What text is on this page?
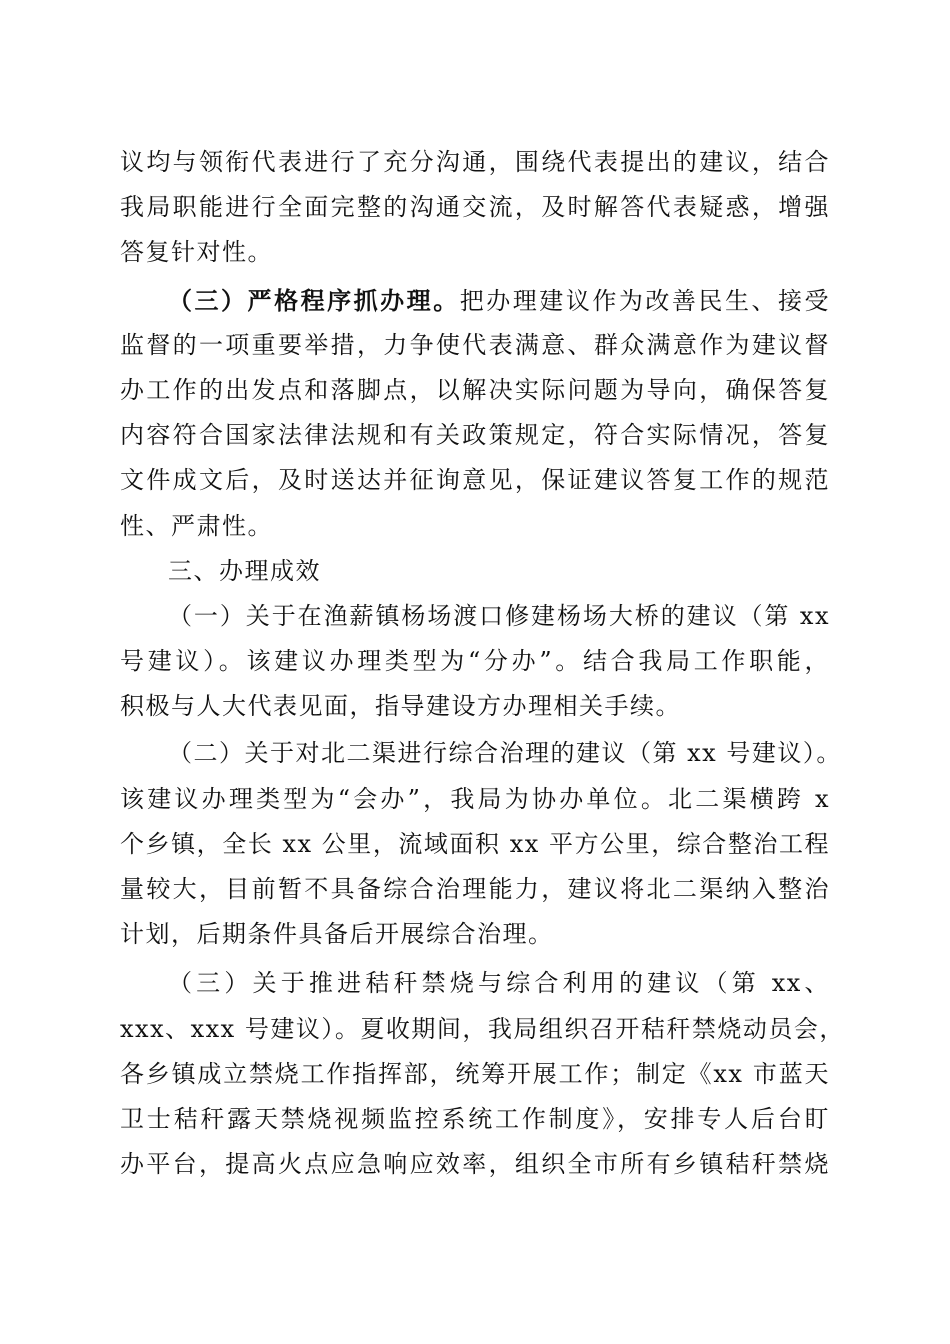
议均与领衔代表进行了充分沟通，围绕代表提出的建议，结合
我局职能进行全面完整的沟通交流，及时解答代表疑惑，增强
答复针对性。
（三）严格程序抓办理。把办理建议作为改善民生、接受
监督的一项重要举措，力争使代表满意、群众满意作为建议督
办工作的出发点和落脚点，以解决实际问题为导向，确保答复
内容符合国家法律法规和有关政策规定，符合实际情况，答复
文件成文后，及时送达并征询意见，保证建议答复工作的规范
性、严肃性。
三、办理成效
（一）关于在渔薪镇杨场渡口修建杨场大桥的建议（第 xx
号建议）。该建议办理类型为“分办”。结合我局工作职能，
积极与人大代表见面，指导建设方办理相关手续。
（二）关于对北二渠进行综合治理的建议（第 xx 号建议）。
该建议办理类型为“会办”，我局为协办单位。北二渠横跨 x
个乡镇，全长 xx 公里，流域面积 xx 平方公里，综合整治工程
量较大，目前暂不具备综合治理能力，建议将北二渠纳入整治
计划，后期条件具备后开展综合治理。
（三）关于推进秸秆禁烧与综合利用的建议（第 xx、
xxx、xxx 号建议）。夏收期间，我局组织召开秸秆禁烧动员会，
各乡镇成立禁烧工作指挥部，统筹开展工作；制定《xx 市蓝天
卫士秸秆露天禁烧视频监控系统工作制度》，安排专人后台盯
办平台，提高火点应急响应效率，组织全市所有乡镇秸秆禁烧
